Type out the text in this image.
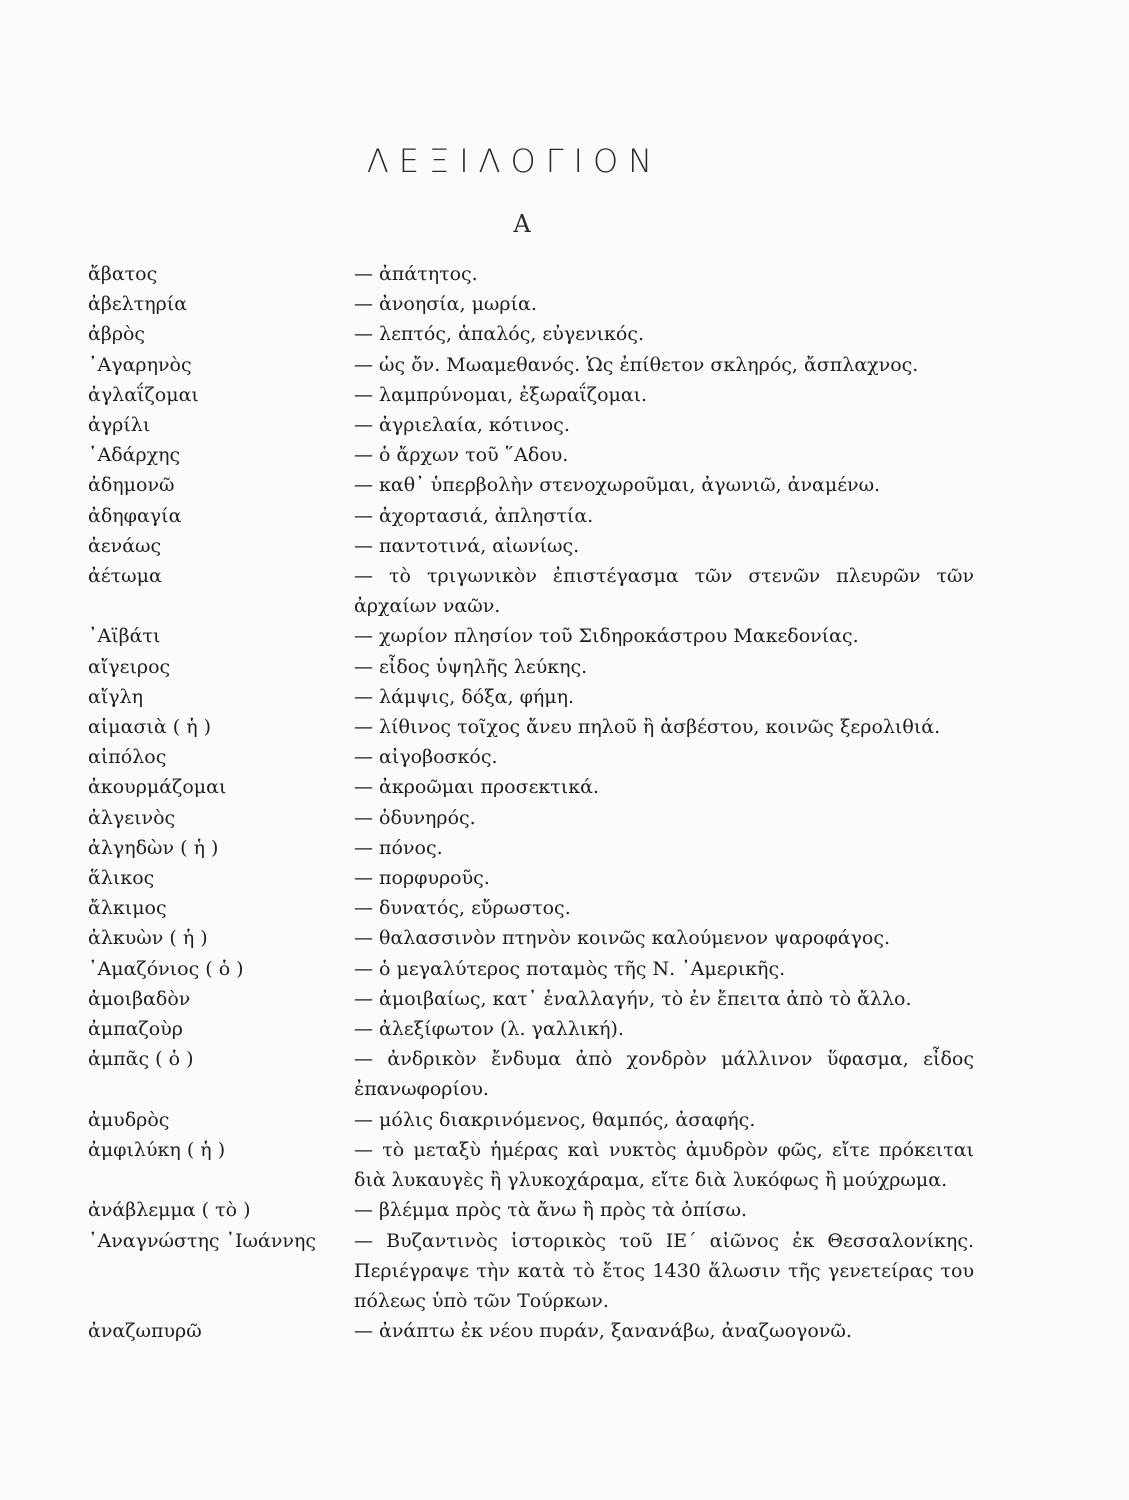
ΛΕΞΙΛΟΓΙΟΝ
Α
ἄβατος	— ἀπάτητος.
ἀβελτηρία	— ἀνοησία, μωρία.
ἀβρὸς	— λεπτός, ἁπαλός, εὐγενικός.
᾿Αγαρηνὸς	— ὡς ὄν. Μωαμεθανός. Ὡς ἐπίθετον σκληρός, ἄσπλαχνος.
ἀγλαΐζομαι	— λαμπρύνομαι, ἐξωραΐζομαι.
ἀγρίλι	— ἀγριελαία, κότινος.
῾Αδάρχης	— ὁ ἄρχων τοῦ ῞Αδου.
ἀδημονῶ	— καθ᾿ ὑπερβολὴν στενοχωροῦμαι, ἀγωνιῶ, ἀναμένω.
ἀδηφαγία	— ἀχορτασιά, ἀπληστία.
ἀενάως	— παντοτινά, αἰωνίως.
ἀέτωμα	— τὸ τριγωνικὸν ἐπιστέγασμα τῶν στενῶν πλευρῶν τῶν ἀρχαίων ναῶν.
᾿Αϊβάτι	— χωρίον πλησίον τοῦ Σιδηροκάστρου Μακεδονίας.
αἴγειρος	— εἶδος ὑψηλῆς λεύκης.
αἴγλη	— λάμψις, δόξα, φήμη.
αἱμασιὰ ( ἡ )	— λίθινος τοῖχος ἄνευ πηλοῦ ἢ ἀσβέστου, κοινῶς ξερολιθιά.
αἰπόλος	— αἰγοβοσκός.
ἀκουρμάζομαι	— ἀκροῶμαι προσεκτικά.
ἀλγεινὸς	— ὀδυνηρός.
ἀλγηδὼν ( ἡ )	— πόνος.
ἅλικος	— πορφυροῦς.
ἄλκιμος	— δυνατός, εὔρωστος.
ἀλκυὼν ( ἡ )	— θαλασσινὸν πτηνὸν κοινῶς καλούμενον ψαροφάγος.
᾿Αμαζόνιος ( ὁ )	— ὁ μεγαλύτερος ποταμὸς τῆς Ν. ᾿Αμερικῆς.
ἀμοιβαδὸν	— ἀμοιβαίως, κατ᾿ ἐναλλαγήν, τὸ ἐν ἔπειτα ἀπὸ τὸ ἄλλο.
ἀμπαζοὺρ	— ἀλεξίφωτον (λ. γαλλική).
ἀμπᾶς ( ὁ )	— ἀνδρικὸν ἔνδυμα ἀπὸ χονδρὸν μάλλινον ὕφασμα, εἶδος ἐπανωφορίου.
ἀμυδρὸς	— μόλις διακρινόμενος, θαμπός, ἀσαφής.
ἀμφιλύκη ( ἡ )	— τὸ μεταξὺ ἡμέρας καὶ νυκτὸς ἀμυδρὸν φῶς, εἴτε πρόκειται διὰ λυκαυγὲς ἢ γλυκοχάραμα, εἴτε διὰ λυκόφως ἢ μούχρωμα.
ἀνάβλεμμα ( τὸ )	— βλέμμα πρὸς τὰ ἄνω ἢ πρὸς τὰ ὀπίσω.
᾿Αναγνώστης ᾿Ιωάννης	— Βυζαντινὸς ἱστορικὸς τοῦ ΙΕ΄ αἰῶνος ἐκ Θεσσαλονίκης. Περιέγραψε τὴν κατὰ τὸ ἔτος 1430 ἅλωσιν τῆς γενετείρας του πόλεως ὑπὸ τῶν Τούρκων.
ἀναζωπυρῶ	— ἀνάπτω ἐκ νέου πυράν, ξανανάβω, ἀναζωογονῶ.
